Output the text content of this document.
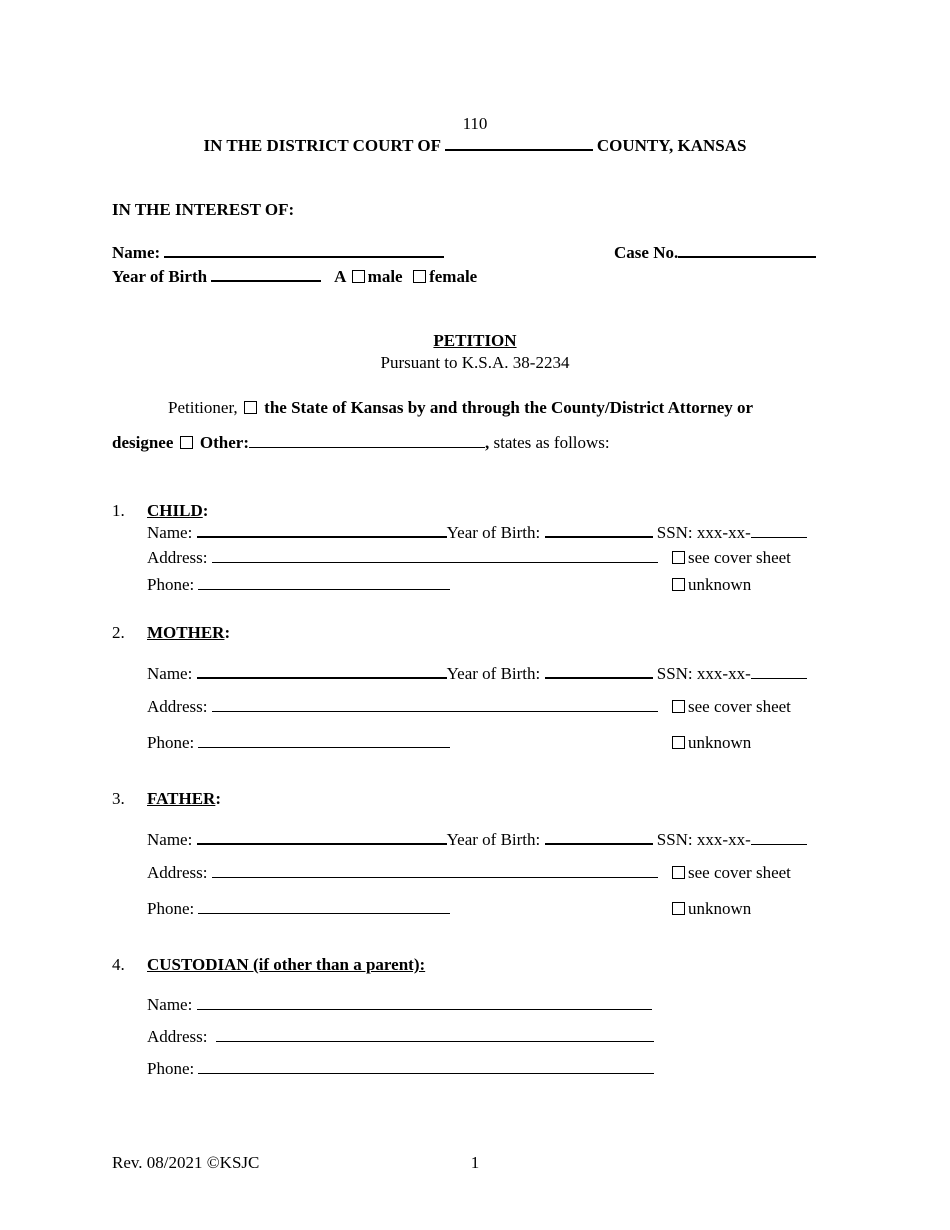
110
IN THE DISTRICT COURT OF	COUNTY, KANSAS
IN THE INTEREST OF:
Name:	Case No.
Year of Birth	A male female
PETITION
Pursuant to K.S.A. 38-2234
Petitioner, the State of Kansas by and through the County/District Attorney or
designee Other:	, states as follows:
1. CHILD:
Name:	Year of Birth:	SSN: xxx-xx-
Address:	see cover sheet
Phone:	unknown
2. MOTHER:
Name:	Year of Birth:	SSN: xxx-xx-
Address:	see cover sheet
Phone:	unknown
3. FATHER:
Name:	Year of Birth:	SSN: xxx-xx-
Address:	see cover sheet
Phone:	unknown
4. CUSTODIAN (if other than a parent):
Name:
Address:
Phone:
Rev. 08/2021 ©KSJC	1
